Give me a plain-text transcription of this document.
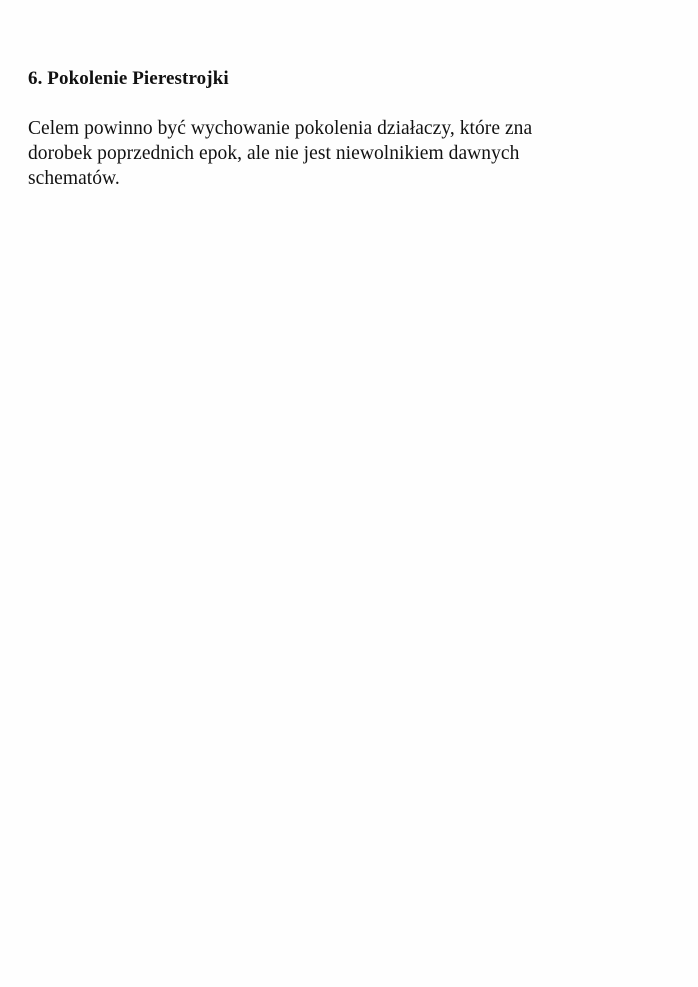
6. Pokolenie Pierestrojki

Celem powinno być wychowanie pokolenia działaczy, które zna
dorobek poprzednich epok, ale nie jest niewolnikiem dawnych
schematów.
